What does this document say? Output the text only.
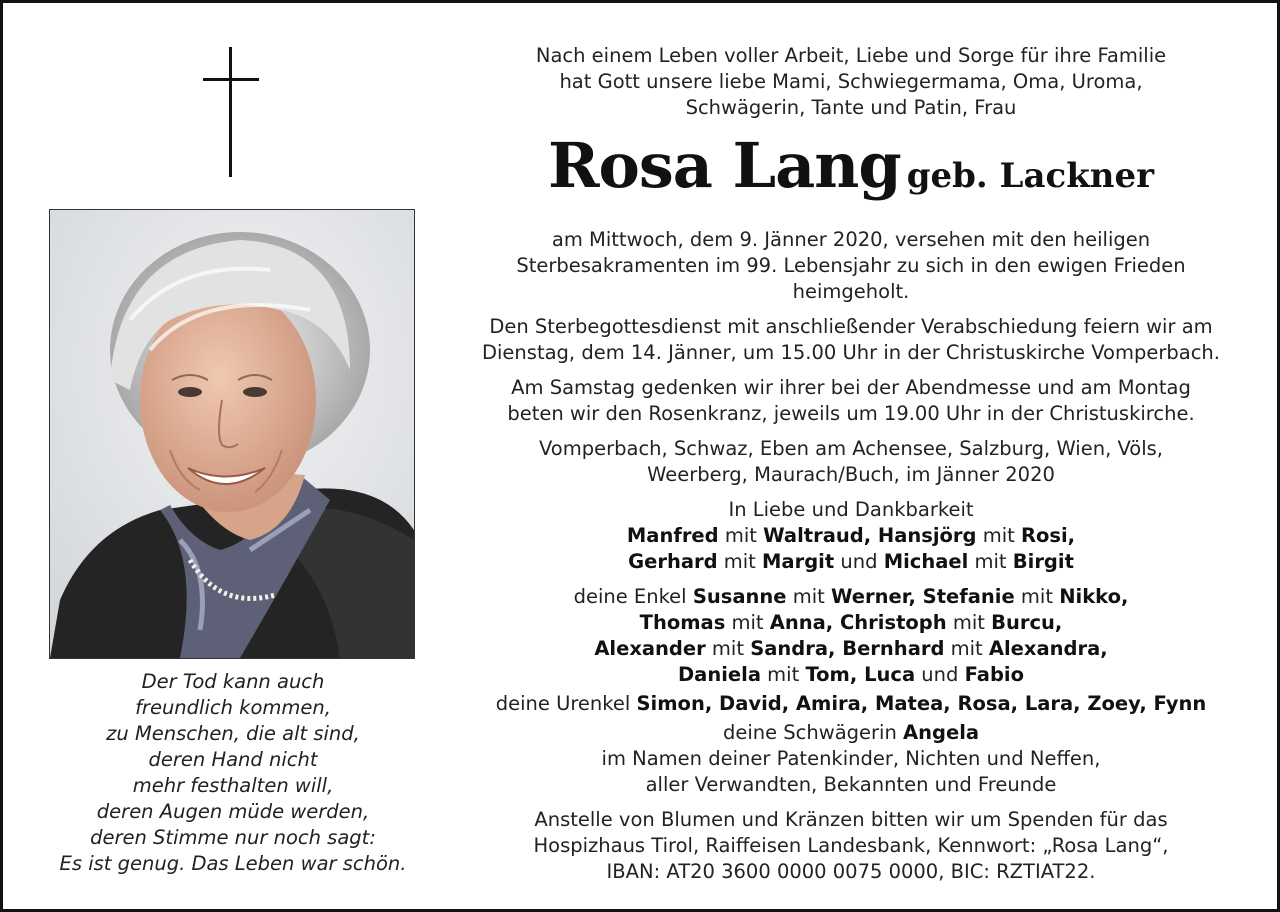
Der Tod kann auch
freundlich kommen,
zu Menschen, die alt sind,
deren Hand nicht
mehr festhalten will,
deren Augen müde werden,
deren Stimme nur noch sagt:
Es ist genug. Das Leben war schön.

Nach einem Leben voller Arbeit, Liebe und Sorge für ihre Familie
hat Gott unsere liebe Mami, Schwiegermama, Oma, Uroma,
Schwägerin, Tante und Patin, Frau

Rosa Lang geb. Lackner

am Mittwoch, dem 9. Jänner 2020, versehen mit den heiligen
Sterbesakramenten im 99. Lebensjahr zu sich in den ewigen Frieden
heimgeholt.

Den Sterbegottesdienst mit anschließender Verabschiedung feiern wir am
Dienstag, dem 14. Jänner, um 15.00 Uhr in der Christuskirche Vomperbach.

Am Samstag gedenken wir ihrer bei der Abendmesse und am Montag
beten wir den Rosenkranz, jeweils um 19.00 Uhr in der Christuskirche.

Vomperbach, Schwaz, Eben am Achensee, Salzburg, Wien, Völs,
Weerberg, Maurach/Buch, im Jänner 2020

In Liebe und Dankbarkeit

Manfred mit Waltraud, Hansjörg mit Rosi,
Gerhard mit Margit und Michael mit Birgit
deine Enkel Susanne mit Werner, Stefanie mit Nikko,
Thomas mit Anna, Christoph mit Burcu,
Alexander mit Sandra, Bernhard mit Alexandra,
Daniela mit Tom, Luca und Fabio
deine Urenkel Simon, David, Amira, Matea, Rosa, Lara, Zoey, Fynn
deine Schwägerin Angela
im Namen deiner Patenkinder, Nichten und Neffen,
aller Verwandten, Bekannten und Freunde

Anstelle von Blumen und Kränzen bitten wir um Spenden für das
Hospizhaus Tirol, Raiffeisen Landesbank, Kennwort: „Rosa Lang“,
IBAN: AT20 3600 0000 0075 0000, BIC: RZTIAT22.
